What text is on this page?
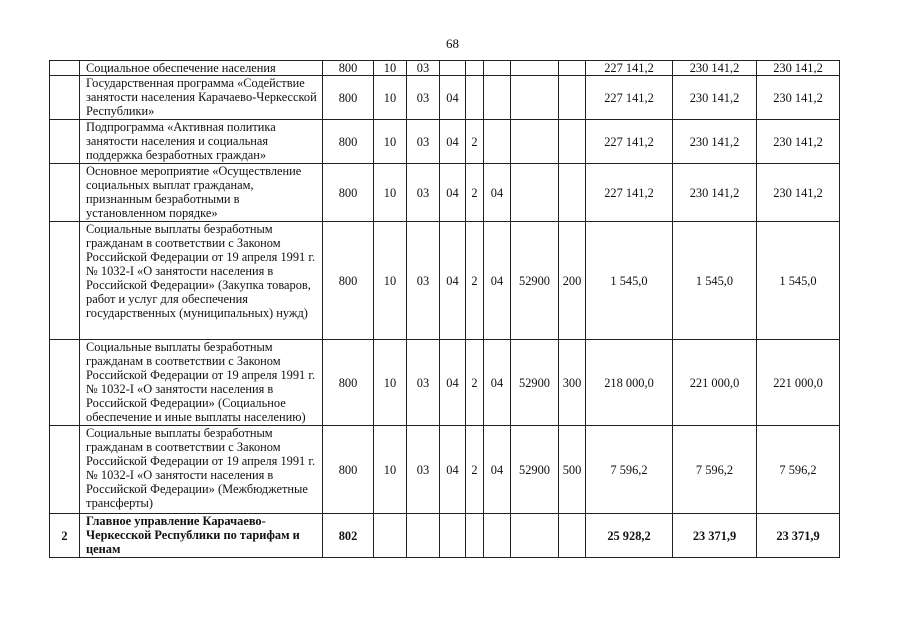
68
	Социальное обеспечение населения	800	10	03						227 141,2	230 141,2	230 141,2
	Государственная программа «Содействие занятости населения Карачаево-Черкесской Республики»	800	10	03	04					227 141,2	230 141,2	230 141,2
	Подпрограмма «Активная политика занятости населения и социальная поддержка безработных граждан»	800	10	03	04	2				227 141,2	230 141,2	230 141,2
	Основное мероприятие «Осуществление социальных выплат гражданам, признанным безработными в установленном порядке»	800	10	03	04	2	04			227 141,2	230 141,2	230 141,2
	Социальные выплаты безработным гражданам в соответствии с Законом Российской Федерации от 19 апреля 1991 г. № 1032-I «О занятости населения в Российской Федерации» (Закупка товаров, работ и услуг для обеспечения государственных (муниципальных) нужд)	800	10	03	04	2	04	52900	200	1 545,0	1 545,0	1 545,0
	Социальные выплаты безработным гражданам в соответствии с Законом Российской Федерации от 19 апреля 1991 г. № 1032-I «О занятости населения в Российской Федерации» (Социальное обеспечение и иные выплаты населению)	800	10	03	04	2	04	52900	300	218 000,0	221 000,0	221 000,0
	Социальные выплаты безработным гражданам в соответствии с Законом Российской Федерации от 19 апреля 1991 г. № 1032-I «О занятости населения в Российской Федерации» (Межбюджетные трансферты)	800	10	03	04	2	04	52900	500	7 596,2	7 596,2	7 596,2
2	Главное управление Карачаево-Черкесской Республики по тарифам и ценам	802								25 928,2	23 371,9	23 371,9
